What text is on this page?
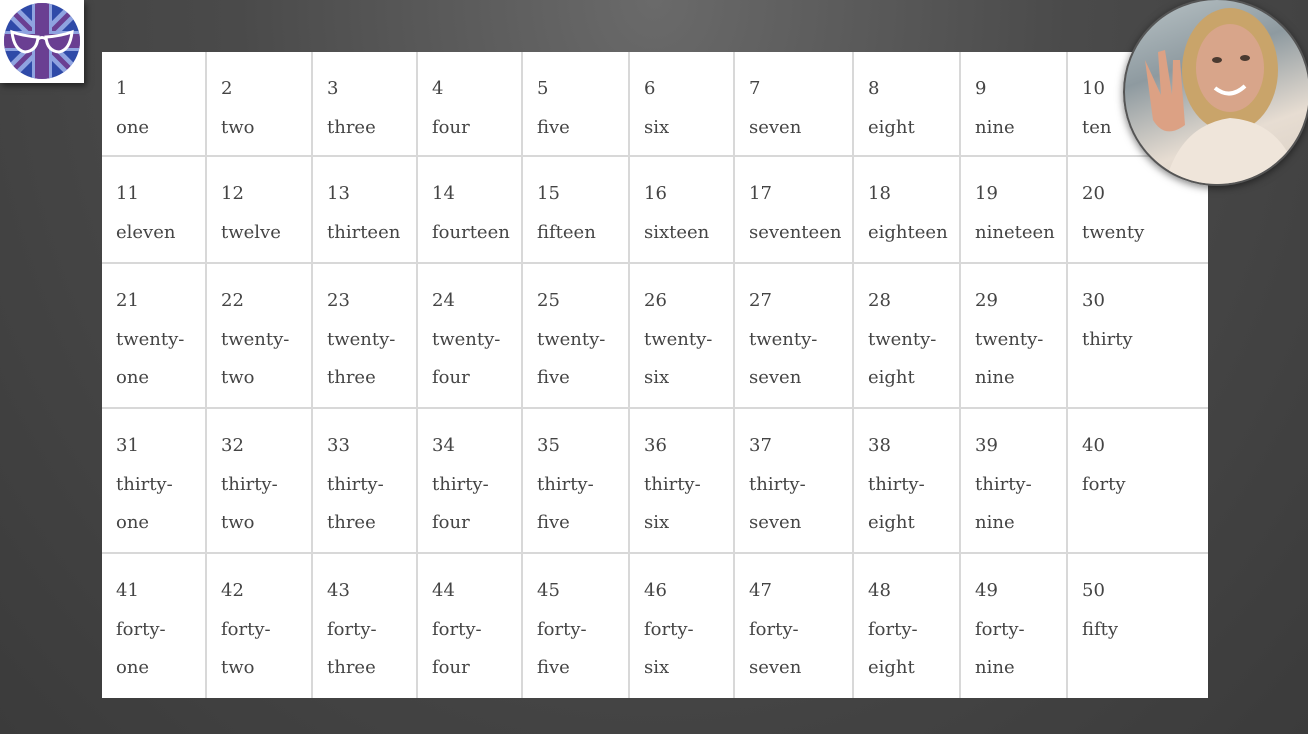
1
one
2
two
3
three
4
four
5
five
6
six
7
seven
8
eight
9
nine
10
ten
11
eleven
12
twelve
13
thirteen
14
fourteen
15
fifteen
16
sixteen
17
seventeen
18
eighteen
19
nineteen
20
twenty
21
twenty-one
22
twenty-two
23
twenty-three
24
twenty-four
25
twenty-five
26
twenty-six
27
twenty-seven
28
twenty-eight
29
twenty-nine
30
thirty
31
thirty-one
32
thirty-two
33
thirty-three
34
thirty-four
35
thirty-five
36
thirty-six
37
thirty-seven
38
thirty-eight
39
thirty-nine
40
forty
41
forty-one
42
forty-two
43
forty-three
44
forty-four
45
forty-five
46
forty-six
47
forty-seven
48
forty-eight
49
forty-nine
50
fifty
